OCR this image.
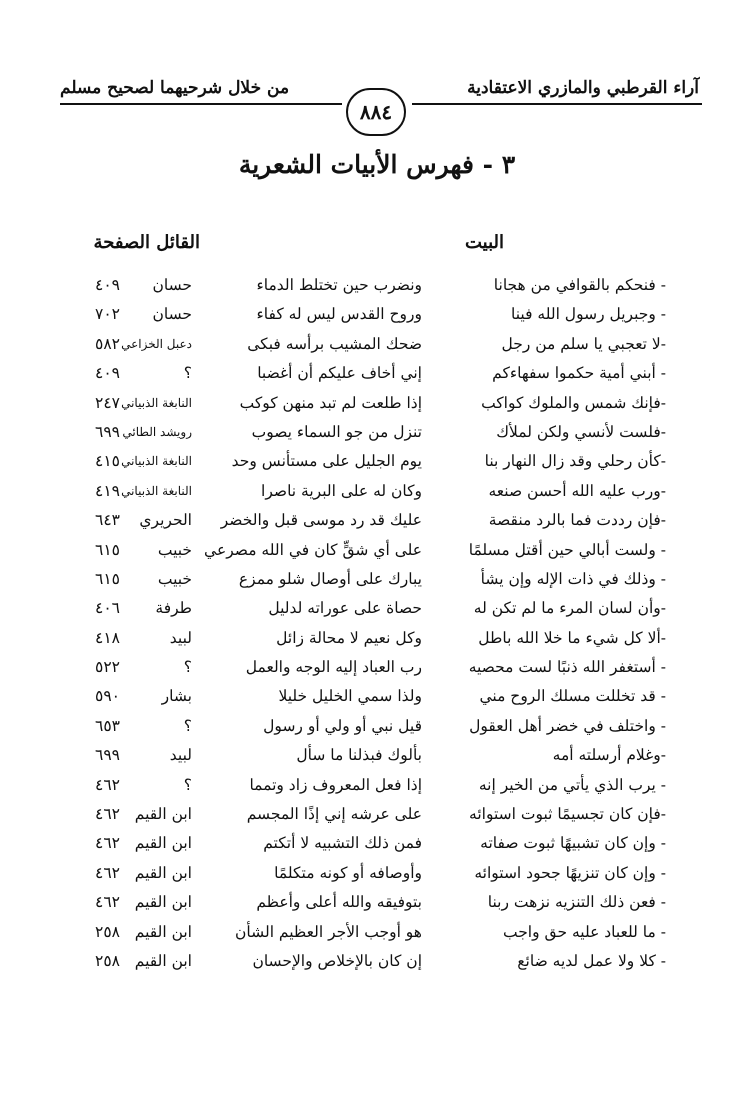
آراء القرطبي والمازري الاعتقادية
من خلال شرحيهما لصحيح مسلم
٨٨٤
٣ - فهرس الأبيات الشعرية
البيت
القائل الصفحة
- فنحكم بالقوافي من هجانا
ونضرب حين تختلط الدماء
حسان
٤٠٩
- وجبريل رسول الله فينا
وروح القدس ليس له كفاء
حسان
٧٠٢
-لا تعجبي يا سلم من رجل
ضحك المشيب برأسه فبكى
دعبل الخزاعي
٥٨٢
- أبني أمية حكموا سفهاءكم
إني أخاف عليكم أن أغضبا
؟
٤٠٩
-فإنك شمس والملوك كواكب
إذا طلعت لم تبد منهن كوكب
النابغة الذبياني
٢٤٧
-فلست لأنسي ولكن لملأك
تنزل من جو السماء يصوب
رويشد الطائي
٦٩٩
-كأن رحلي وقد زال النهار بنا
يوم الجليل على مستأنس وحد
النابغة الذبياني
٤١٥
-ورب عليه الله أحسن صنعه
وكان له على البرية ناصرا
النابغة الذبياني
٤١٩
-فإن رددت فما بالرد منقصة
عليك قد رد موسى قبل والخضر
الحريري
٦٤٣
- ولست أبالي حين أقتل مسلمًا
على أي شقٍّ كان في الله مصرعي
خبيب
٦١٥
- وذلك في ذات الإله وإن يشأ
يبارك على أوصال شلو ممزع
خبيب
٦١٥
-وأن لسان المرء ما لم تكن له
حصاة على عوراته لدليل
طرفة
٤٠٦
-ألا كل شيء ما خلا الله باطل
وكل نعيم لا محالة زائل
لبيد
٤١٨
- أستغفر الله ذنبًا لست محصيه
رب العباد إليه الوجه والعمل
؟
٥٢٢
- قد تخللت مسلك الروح مني
ولذا سمي الخليل خليلا
بشار
٥٩٠
- واختلف في خضر أهل العقول
قيل نبي أو ولي أو رسول
؟
٦٥٣
-وغلام أرسلته أمه
بألوك فبذلنا ما سأل
لبيد
٦٩٩
- يرب الذي يأتي من الخير إنه
إذا فعل المعروف زاد وتمما
؟
٤٦٢
-فإن كان تجسيمًا ثبوت استوائه
على عرشه إني إذًا المجسم
ابن القيم
٤٦٢
- وإن كان تشبيهًا ثبوت صفاته
فمن ذلك التشبيه لا أتكتم
ابن القيم
٤٦٢
- وإن كان تنزيهًا جحود استوائه
وأوصافه أو كونه متكلمًا
ابن القيم
٤٦٢
- فعن ذلك التنزيه نزهت ربنا
بتوفيقه والله أعلى وأعظم
ابن القيم
٤٦٢
- ما للعباد عليه حق واجب
هو أوجب الأجر العظيم الشأن
ابن القيم
٢٥٨
- كلا ولا عمل لديه ضائع
إن كان بالإخلاص والإحسان
ابن القيم
٢٥٨
